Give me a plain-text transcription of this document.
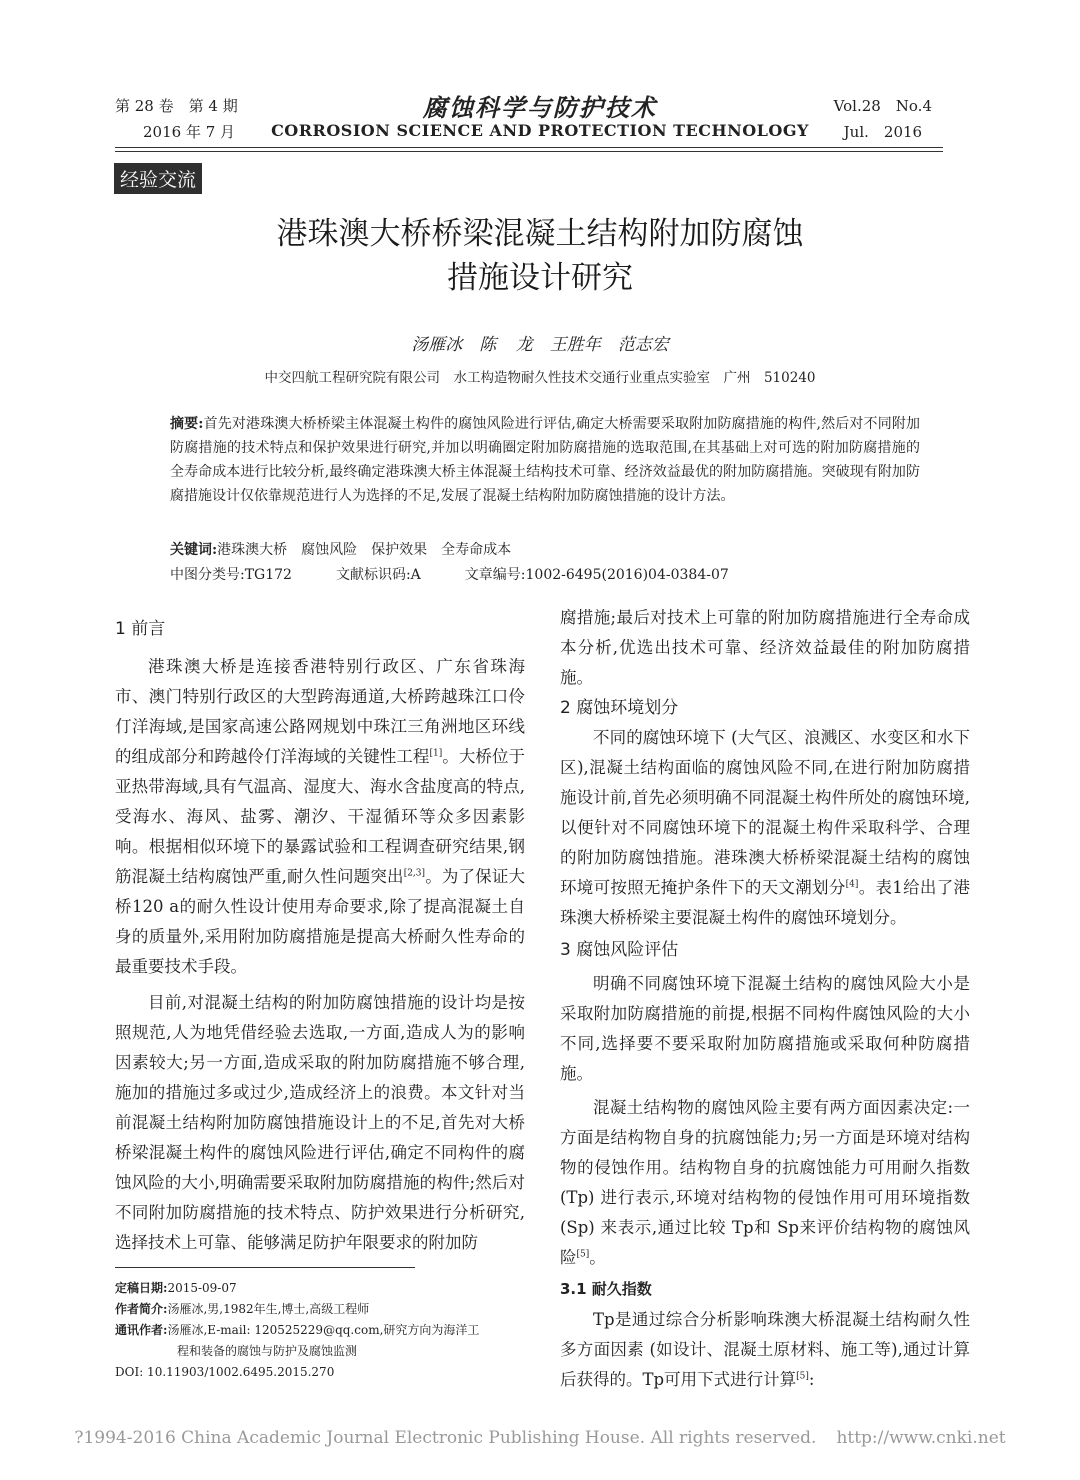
第 28 卷　第 4 期
2016 年 7 月
腐蚀科学与防护技术
CORROSION SCIENCE AND PROTECTION TECHNOLOGY
Vol.28　No.4
Jul.　2016
经验交流
港珠澳大桥桥梁混凝土结构附加防腐蚀
措施设计研究
汤雁冰　陈 龙　王胜年　范志宏
中交四航工程研究院有限公司　水工构造物耐久性技术交通行业重点实验室　广州　510240
摘要:首先对港珠澳大桥桥梁主体混凝土构件的腐蚀风险进行评估,确定大桥需要采取附加防腐措施的构件,然后对不同附加防腐措施的技术特点和保护效果进行研究,并加以明确圈定附加防腐措施的选取范围,在其基础上对可选的附加防腐措施的全寿命成本进行比较分析,最终确定港珠澳大桥主体混凝土结构技术可靠、经济效益最优的附加防腐措施。突破现有附加防腐措施设计仅依靠规范进行人为选择的不足,发展了混凝土结构附加防腐蚀措施的设计方法。
关键词:港珠澳大桥　腐蚀风险　保护效果　全寿命成本
中图分类号:TG172	文献标识码:A	文章编号:1002-6495(2016)04-0384-07
1 前言

港珠澳大桥是连接香港特别行政区、广东省珠海市、澳门特别行政区的大型跨海通道,大桥跨越珠江口伶仃洋海域,是国家高速公路网规划中珠江三角洲地区环线的组成部分和跨越伶仃洋海域的关键性工程[1]。大桥位于亚热带海域,具有气温高、湿度大、海水含盐度高的特点,受海水、海风、盐雾、潮汐、干湿循环等众多因素影响。根据相似环境下的暴露试验和工程调查研究结果,钢筋混凝土结构腐蚀严重,耐久性问题突出[2,3]。为了保证大桥120 a的耐久性设计使用寿命要求,除了提高混凝土自身的质量外,采用附加防腐措施是提高大桥耐久性寿命的最重要技术手段。

目前,对混凝土结构的附加防腐蚀措施的设计均是按照规范,人为地凭借经验去选取,一方面,造成人为的影响因素较大;另一方面,造成采取的附加防腐措施不够合理,施加的措施过多或过少,造成经济上的浪费。本文针对当前混凝土结构附加防腐蚀措施设计上的不足,首先对大桥桥梁混凝土构件的腐蚀风险进行评估,确定不同构件的腐蚀风险的大小,明确需要采取附加防腐措施的构件;然后对不同附加防腐措施的技术特点、防护效果进行分析研究,选择技术上可靠、能够满足防护年限要求的附加防

腐措施;最后对技术上可靠的附加防腐措施进行全寿命成本分析,优选出技术可靠、经济效益最佳的附加防腐措施。

2 腐蚀环境划分

不同的腐蚀环境下 (大气区、浪溅区、水变区和水下区),混凝土结构面临的腐蚀风险不同,在进行附加防腐措施设计前,首先必须明确不同混凝土构件所处的腐蚀环境,以便针对不同腐蚀环境下的混凝土构件采取科学、合理的附加防腐蚀措施。港珠澳大桥桥梁混凝土结构的腐蚀环境可按照无掩护条件下的天文潮划分[4]。表1给出了港珠澳大桥桥梁主要混凝土构件的腐蚀环境划分。

3 腐蚀风险评估

明确不同腐蚀环境下混凝土结构的腐蚀风险大小是采取附加防腐措施的前提,根据不同构件腐蚀风险的大小不同,选择要不要采取附加防腐措施或采取何种防腐措施。

混凝土结构物的腐蚀风险主要有两方面因素决定:一方面是结构物自身的抗腐蚀能力;另一方面是环境对结构物的侵蚀作用。结构物自身的抗腐蚀能力可用耐久指数 (Tp) 进行表示,环境对结构物的侵蚀作用可用环境指数 (Sp) 来表示,通过比较 Tp和 Sp来评价结构物的腐蚀风险[5]。

3.1 耐久指数

Tp是通过综合分析影响珠澳大桥混凝土结构耐久性多方面因素 (如设计、混凝土原材料、施工等),通过计算后获得的。Tp可用下式进行计算[5]:

定稿日期:2015-09-07
作者简介:汤雁冰,男,1982年生,博士,高级工程师
通讯作者:汤雁冰,E-mail: 120525229@qq.com,研究方向为海洋工
程和装备的腐蚀与防护及腐蚀监测
DOI: 10.11903/1002.6495.2015.270
?1994-2016 China Academic Journal Electronic Publishing House. All rights reserved. http://www.cnki.net
